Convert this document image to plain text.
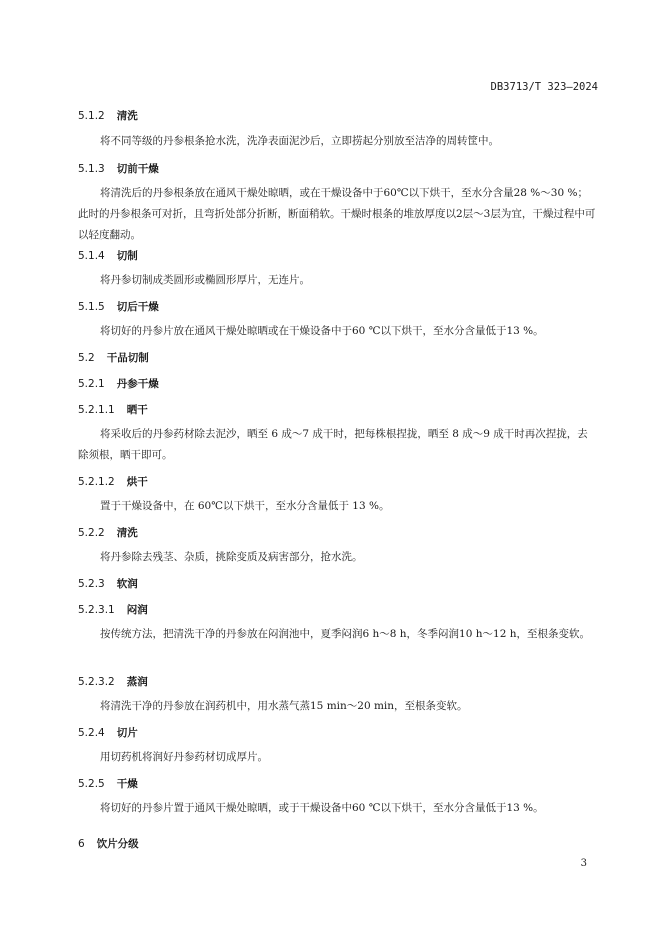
DB3713/T 323—2024
5.1.2 清洗
将不同等级的丹参根条抢水洗，洗净表面泥沙后，立即捞起分别放至洁净的周转筐中。
5.1.3 切前干燥
将清洗后的丹参根条放在通风干燥处晾晒，或在干燥设备中于60℃以下烘干，至水分含量28 %～30 %；此时的丹参根条可对折，且弯折处部分折断，断面稍软。干燥时根条的堆放厚度以2层～3层为宜，干燥过程中可以轻度翻动。
5.1.4 切制
将丹参切制成类圆形或椭圆形厚片，无连片。
5.1.5 切后干燥
将切好的丹参片放在通风干燥处晾晒或在干燥设备中于60 ℃以下烘干，至水分含量低于13 %。
5.2 干品切制
5.2.1 丹参干燥
5.2.1.1 晒干
将采收后的丹参药材除去泥沙，晒至 6 成～7 成干时，把每株根捏拢，晒至 8 成～9 成干时再次捏拢，去除须根，晒干即可。
5.2.1.2 烘干
置于干燥设备中，在 60℃以下烘干，至水分含量低于 13 %。
5.2.2 清洗
将丹参除去残茎、杂质，挑除变质及病害部分，抢水洗。
5.2.3 软润
5.2.3.1 闷润
按传统方法，把清洗干净的丹参放在闷润池中，夏季闷润6 h～8 h，冬季闷润10 h～12 h，至根条变软。
5.2.3.2 蒸润
将清洗干净的丹参放在润药机中，用水蒸气蒸15 min～20 min，至根条变软。
5.2.4 切片
用切药机将润好丹参药材切成厚片。
5.2.5 干燥
将切好的丹参片置于通风干燥处晾晒，或于干燥设备中60 ℃以下烘干，至水分含量低于13 %。
6 饮片分级
3
